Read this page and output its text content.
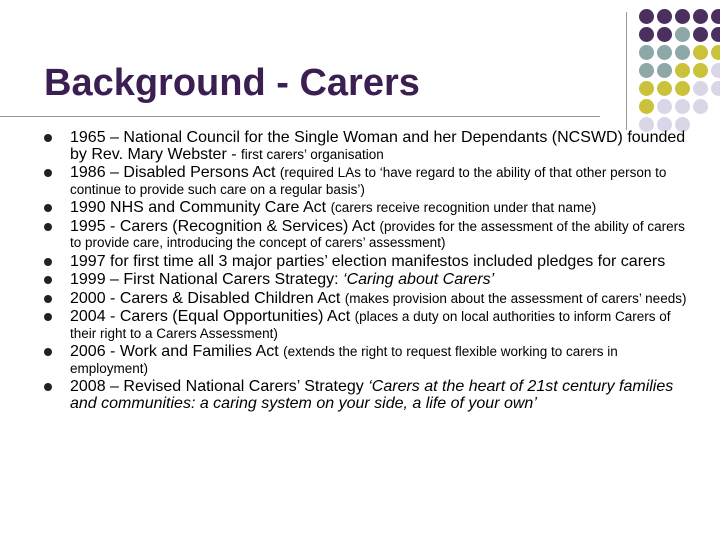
Background - Carers
1965 – National Council for the Single Woman and her Dependants (NCSWD) founded by Rev. Mary Webster - first carers’ organisation
1986 – Disabled Persons Act (required LAs to ‘have regard to the ability of that other person to continue to provide such care on a regular basis’)
1990 NHS and Community Care Act (carers receive recognition under that name)
1995 - Carers (Recognition & Services) Act (provides for the assessment of the ability of carers to provide care, introducing the concept of carers’ assessment)
1997 for first time all 3 major parties’ election manifestos included pledges for carers
1999 – First National Carers Strategy: ‘Caring about Carers’
2000 - Carers & Disabled Children Act (makes provision about the assessment of carers’ needs)
2004 - Carers (Equal Opportunities) Act (places a duty on local authorities to inform Carers of their right to a Carers Assessment)
2006 - Work and Families Act (extends the right to request flexible working to carers in employment)
2008 – Revised National Carers’ Strategy ‘Carers at the heart of 21st century families and communities: a caring system on your side, a life of your own’
